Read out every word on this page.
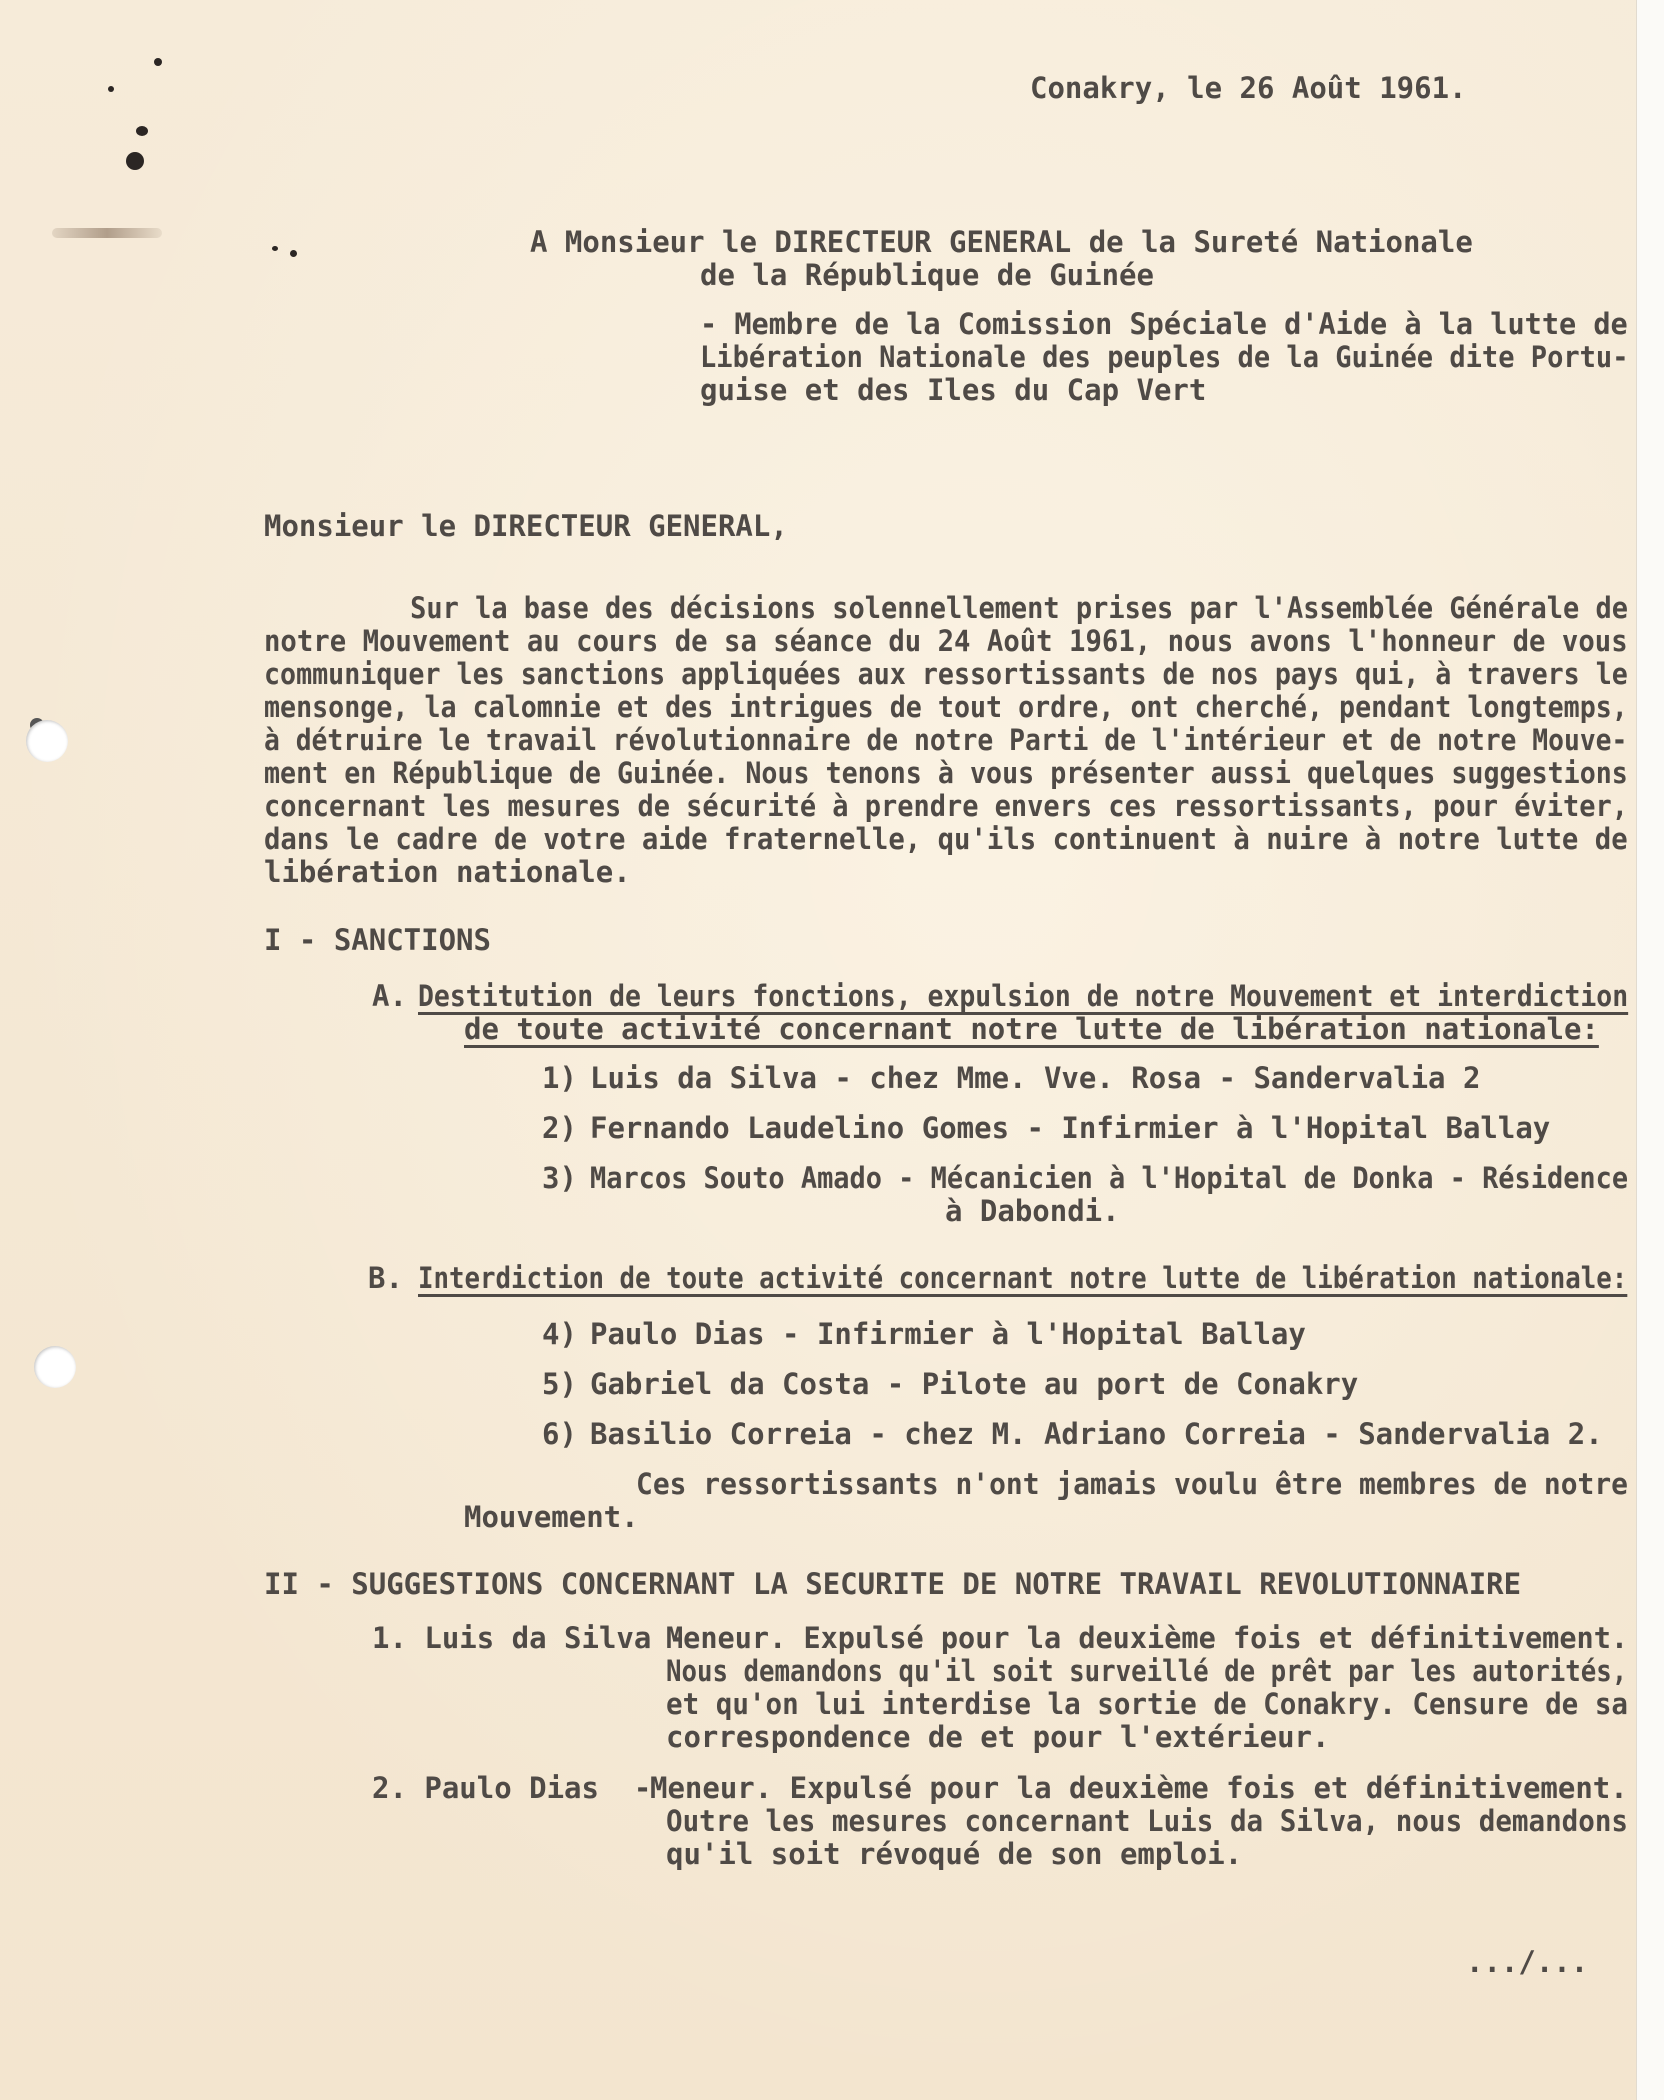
Conakry, le 26 Août 1961.
A Monsieur le DIRECTEUR GENERAL de la Sureté Nationale
de la République de Guinée
- Membre de la Comission Spéciale d'Aide à la lutte de
Libération Nationale des peuples de la Guinée dite Portu-
guise et des Iles du Cap Vert
Monsieur le DIRECTEUR GENERAL,
Sur la base des décisions solennellement prises par l'Assemblée Générale de
notre Mouvement au cours de sa séance du 24 Août 1961, nous avons l'honneur de vous
communiquer les sanctions appliquées aux ressortissants de nos pays qui, à travers le
mensonge, la calomnie et des intrigues de tout ordre, ont cherché, pendant longtemps,
à détruire le travail révolutionnaire de notre Parti de l'intérieur et de notre Mouve-
ment en République de Guinée. Nous tenons à vous présenter aussi quelques suggestions
concernant les mesures de sécurité à prendre envers ces ressortissants, pour éviter,
dans le cadre de votre aide fraternelle, qu'ils continuent à nuire à notre lutte de
libération nationale.
I - SANCTIONS
A. Destitution de leurs fonctions, expulsion de notre Mouvement et interdiction
de toute activité concernant notre lutte de libération nationale:
1) Luis da Silva - chez Mme. Vve. Rosa - Sandervalia 2
2) Fernando Laudelino Gomes - Infirmier à l'Hopital Ballay
3) Marcos Souto Amado - Mécanicien à l'Hopital de Donka - Résidence
à Dabondi.
B. Interdiction de toute activité concernant notre lutte de libération nationale:
4) Paulo Dias - Infirmier à l'Hopital Ballay
5) Gabriel da Costa - Pilote au port de Conakry
6) Basilio Correia - chez M. Adriano Correia - Sandervalia 2.
Ces ressortissants n'ont jamais voulu être membres de notre
Mouvement.
II - SUGGESTIONS CONCERNANT LA SECURITE DE NOTRE TRAVAIL REVOLUTIONNAIRE
1. Luis da Silva -
Meneur. Expulsé pour la deuxième fois et définitivement.
Nous demandons qu'il soit surveillé de prêt par les autorités,
et qu'on lui interdise la sortie de Conakry. Censure de sa
correspondence de et pour l'extérieur.
2. Paulo Dias  -
Meneur. Expulsé pour la deuxième fois et définitivement.
Outre les mesures concernant Luis da Silva, nous demandons
qu'il soit révoqué de son emploi.
.../...
